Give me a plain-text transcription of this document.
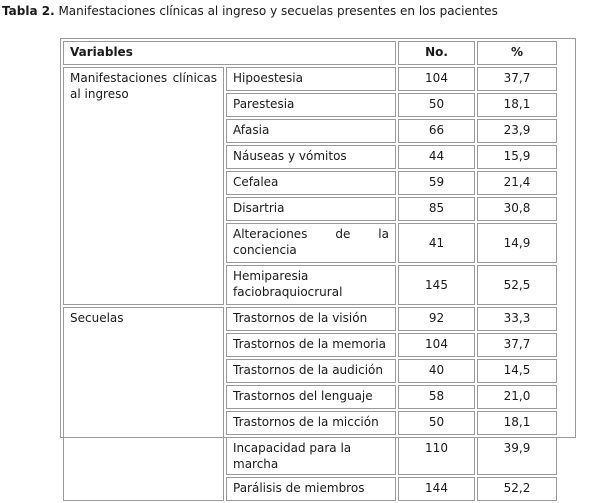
Tabla 2. Manifestaciones clínicas al ingreso y secuelas presentes en los pacientes
Variables		No.	%
Manifestaciones clínicas al ingreso	Hipoestesia	104	37,7
	Parestesia	50	18,1
	Afasia	66	23,9
	Náuseas y vómitos	44	15,9
	Cefalea	59	21,4
	Disartria	85	30,8
	Alteraciones de la conciencia	41	14,9
	Hemiparesia faciobraquiocrural	145	52,5
Secuelas	Trastornos de la visión	92	33,3
	Trastornos de la memoria	104	37,7
	Trastornos de la audición	40	14,5
	Trastornos del lenguaje	58	21,0
	Trastornos de la micción	50	18,1
	Incapacidad para la marcha	110	39,9
	Parálisis de miembros	144	52,2
